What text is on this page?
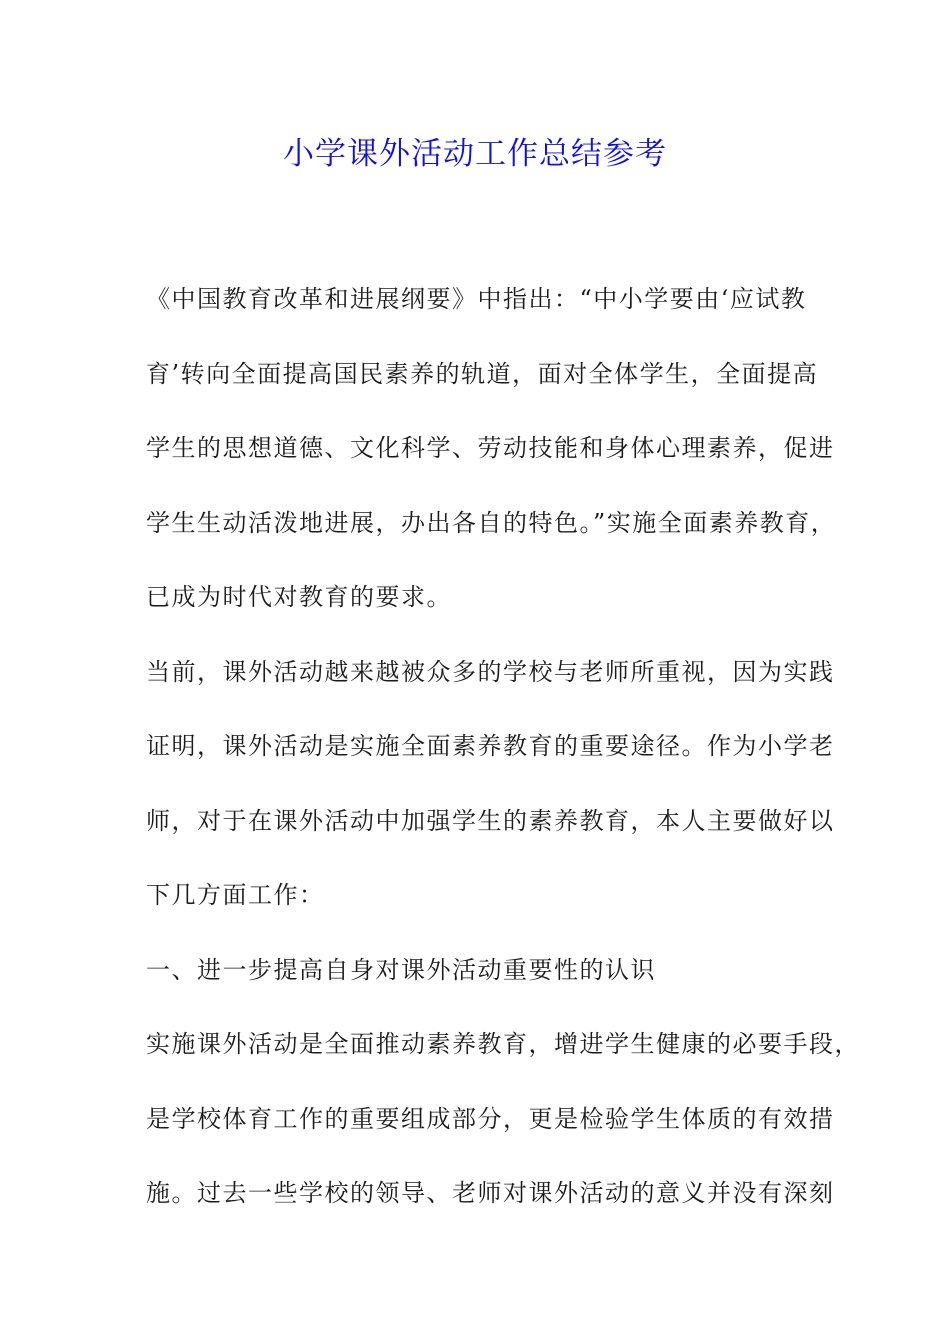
小学课外活动工作总结参考

《中国教育改革和进展纲要》中指出：“中小学要由‘应试教

育’转向全面提高国民素养的轨道，面对全体学生，全面提高

学生的思想道德、文化科学、劳动技能和身体心理素养，促进

学生生动活泼地进展，办出各自的特色。”实施全面素养教育，

已成为时代对教育的要求。

当前，课外活动越来越被众多的学校与老师所重视，因为实践

证明，课外活动是实施全面素养教育的重要途径。作为小学老

师，对于在课外活动中加强学生的素养教育，本人主要做好以

下几方面工作：

一、进一步提高自身对课外活动重要性的认识

实施课外活动是全面推动素养教育，增进学生健康的必要手段，

是学校体育工作的重要组成部分，更是检验学生体质的有效措

施。过去一些学校的领导、老师对课外活动的意义并没有深刻
